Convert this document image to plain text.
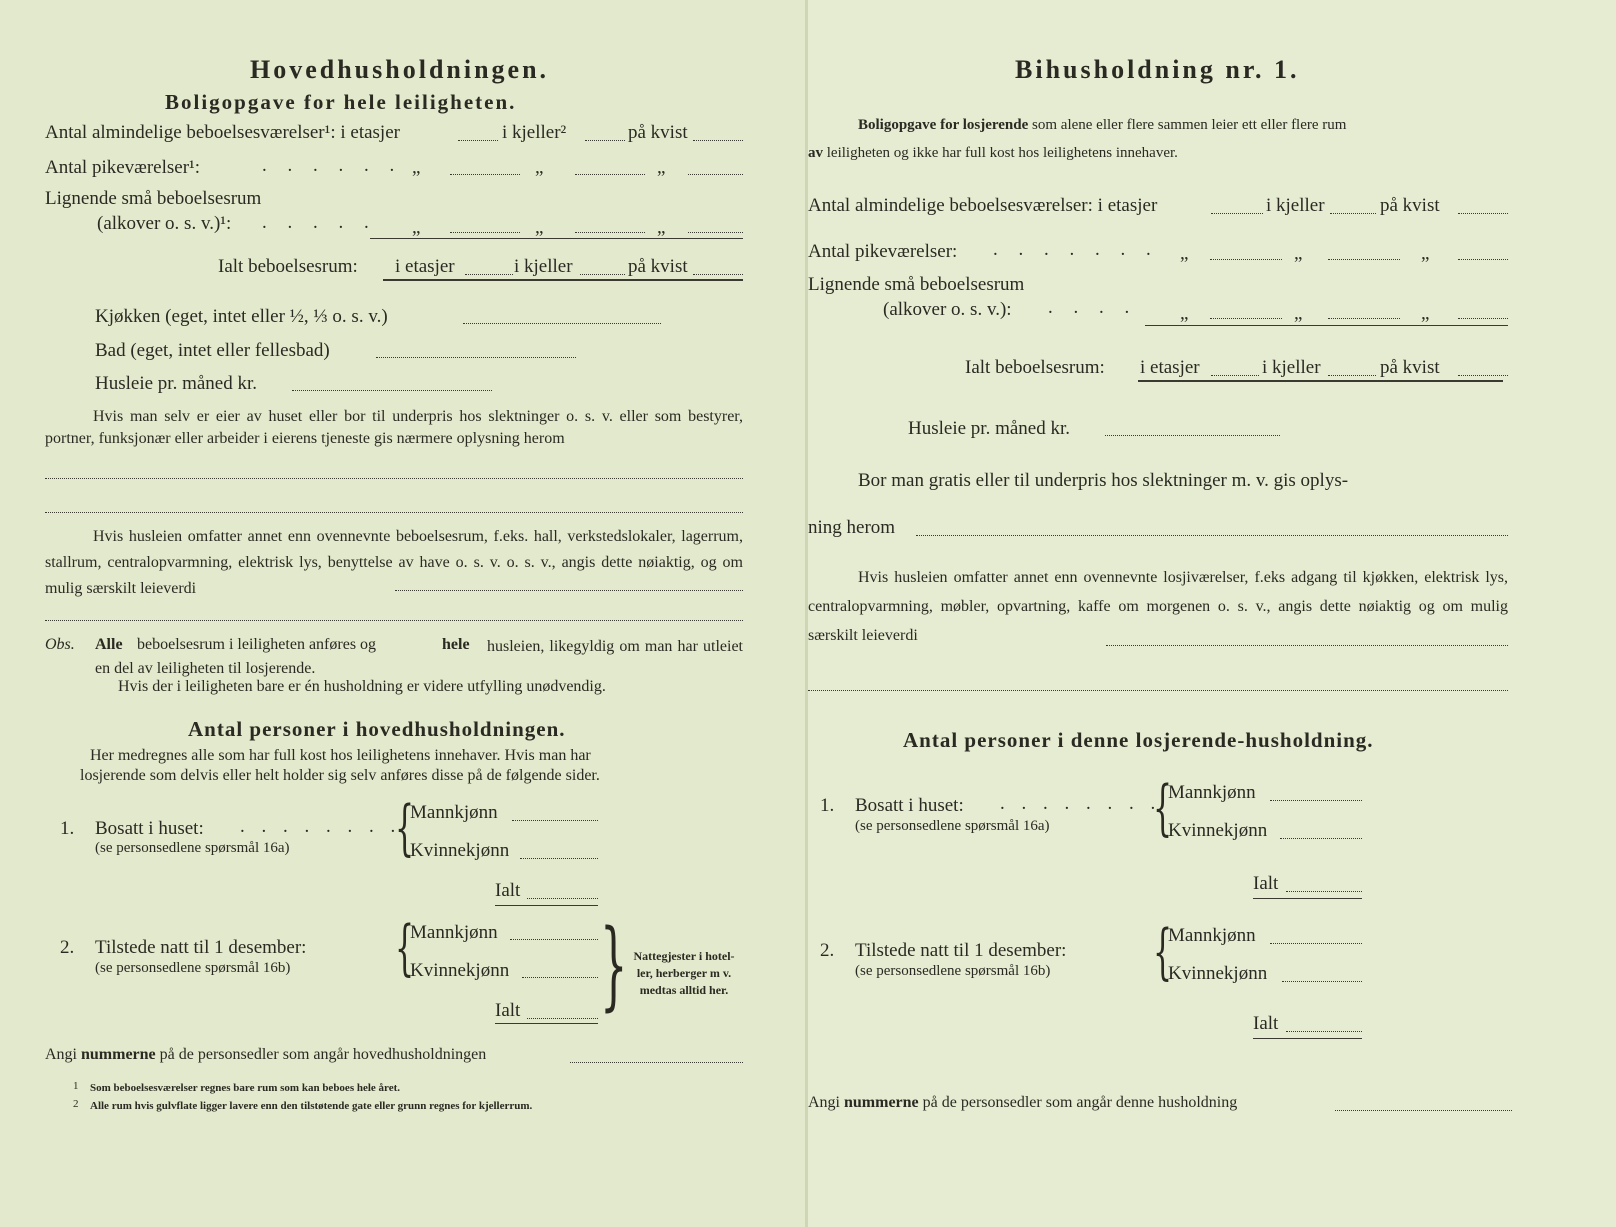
Hovedhusholdningen.
Boligopgave for hele leiligheten.
Antal almindelige beboelsesværelser¹: i etasjer	i kjeller²	på kvist
Antal pikeværelser¹:	. . . . . . „	„	„
Lignende små beboelsesrum
(alkover o. s. v.)¹: . . . . . „	„	„
Ialt beboelsesrum: i etasjer	i kjeller	på kvist
Kjøkken (eget, intet eller ½, ⅓ o. s. v.)
Bad (eget, intet eller fellesbad)
Husleie pr. måned kr.
Hvis man selv er eier av huset eller bor til underpris hos slektninger o. s. v. eller som bestyrer, portner, funksjonær eller arbeider i eierens tjeneste gis nærmere oplysning herom
Hvis husleien omfatter annet enn ovennevnte beboelsesrum, f.eks. hall, verkstedslokaler, lagerrum, stallrum, centralopvarmning, elektrisk lys, benyttelse av have o. s. v. o. s. v., angis dette nøiaktig, og om mulig særskilt leieverdi
Obs. Alle beboelsesrum i leiligheten anføres og	hele	husleien, likegyldig om man har utleiet en del av leiligheten til losjerende.
Hvis der i leiligheten bare er én husholdning er videre utfylling unødvendig.
Antal personer i hovedhusholdningen.
Her medregnes alle som har full kost hos leilighetens innehaver. Hvis man har
losjerende som delvis eller helt holder sig selv anføres disse på de følgende sider.
1. Bosatt i huset: . . . . . . . .
(se personsedlene spørsmål 16a) {
Mannkjønn
Kvinnekjønn
Ialt
2. Tilstede natt til 1 desember:
(se personsedlene spørsmål 16b) {
Mannkjønn
Kvinnekjønn
Ialt } Nattegjester i hotel-
ler, herberger m v.
medtas alltid her.
Angi nummerne på de personsedler som angår hovedhusholdningen
1 Som beboelsesværelser regnes bare rum som kan beboes hele året.
2 Alle rum hvis gulvflate ligger lavere enn den tilstøtende gate eller grunn regnes for kjellerrum.
Bihusholdning nr. 1.
Boligopgave for losjerende som alene eller flere sammen leier ett eller flere rum
av leiligheten og ikke har full kost hos leilighetens innehaver.
Antal almindelige beboelsesværelser: i etasjer	i kjeller	på kvist
Antal pikeværelser: . . . . . . . „	„	„
Lignende små beboelsesrum
(alkover o. s. v.): . . . . „	„	„
Ialt beboelsesrum: i etasjer	i kjeller	på kvist
Husleie pr. måned kr.
Bor man gratis eller til underpris hos slektninger m. v. gis oplys-
ning herom
Hvis husleien omfatter annet enn ovennevnte losjiværelser, f.eks adgang til kjøkken, elektrisk lys, centralopvarmning, møbler, opvartning, kaffe om morgenen o. s. v., angis dette nøiaktig og om mulig særskilt leieverdi
Antal personer i denne losjerende-husholdning.
1. Bosatt i huset: . . . . . . . .
(se personsedlene spørsmål 16a) {
Mannkjønn
Kvinnekjønn
Ialt
2. Tilstede natt til 1 desember:
(se personsedlene spørsmål 16b) {
Mannkjønn
Kvinnekjønn
Ialt
Angi nummerne på de personsedler som angår denne husholdning
